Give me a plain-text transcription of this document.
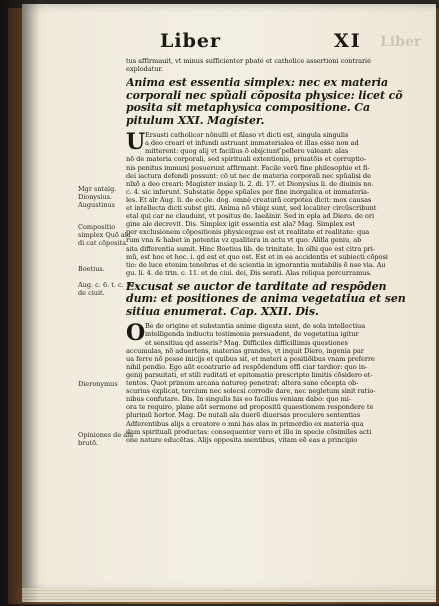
Liber
Liber	XI
Mgr sntaig. Dionysius. Augustinus
Compositio simplex Quõ ala di cat cõposita.
Boetius.
Aug. c. 6. t. c. 10. de ciuit.
Dieronymus
Opiniones de ala brutõ.
tus affirmauit, vt minus sufficienter pbaté et catholice assertioni contrarié
explodatur.
Anima est essentia simplex: nec ex materia
corporali nec spũali cõposita physice: licet cõ
posita sit metaphysica compositione. Ca
pitulum XXI. Magister.
U Ersusti catholicor nõnulli et ñlaso vt dicti est, singula singulis
a deo creari et infundi astruant immaterialea et illas esse non ad
mitterent: quog alij vt facilius õ obijciunt ̄pellere valeant: alas
nõ de materia corporali, sed spirituali extentionis, priuatõis et corruptio-
nis penitus immuni posuerunt affirmant. Facile verũ fine philosophie et fi-
dei iactura defendi possunt: cõ ut nec de materia corporali nec spũalisi de
nĩxõ a deo creari: Magister insiap li. 2. di. 17. et Dionysius li. de diuinis no.
c. 4. sic inferunt. Substatie õppe spũales per fine inorgalica et immateria-
les. Et alr Aug. li. de eccle. dog. omnê creaturã corpotea dicit: mox causas
et intellecta dicti subst giti. Anima nõ vbiqz sunt, sed localiter circũscribunt
etal qui car ne claudunt, vt positus de. Iaeãinir. Sed in epla ad Diero. de ori
gine ale decrevit. Dis. Simplex igit essentia est ala? Mag. Simplex est
per exclusionem cõpositionis physiceqzue est et realitate et realitate: qua
rum vna & habet in potentia vz qualitera in actu vt quo. Alilla geniu, ab
sita differentia sumit. Hinc Boetius lib. de trinitate. In oĩhi que est citra pri-
mũ, est hoc et hoc. i. qd est et quo est. Est et in ea accidentis et subiecti cõposi
tio: de luce etenim tenebras et de scientia in ignorantia mutabilis ẽ nse via. Au
gu. li. 4. de trin. c. 11. et de ciui. dei, Dis serati. Alas reliqua percurramus.
Excusat se auctor de tarditate ad respõden
dum: et positiones de anima vegetatiua et sen
sitiua enumerat. Cap. XXII. Dis.
O Be de origine et substantia anime digesta sunt, de sola intellectiua
intelligenda indiuctu testimonia persuadent, de vegetatiua igitur
et sensitiua qd asseris? Mag. Difficiles difficillimis questiones
accumulas, nõ aduertens, materias grandes, vt inquit Diero, ingenia par
ua ferre nõ posse inicijs et quibus sit, et materi a positiõibus vnam preferre
nihil pendio. Ego aũt ecoatrario ad respõdendum effi ciar tardior: quo in-
genij parsuitati, et stili ruditati et epitomatio prescripto limitis cõsidero et-
tentos. Quot primum arcana natureǫ penetrat: altera sane cõcepta ob-
scurius explicat, tercium nec solecsi corrode dare, nec negletum sinit ratio-
nibus confutare. Dis. In singulis his eo facilius veniam dabo: quo mi-
ora te requiro, plane aũt sermone ad propositũ quaestionem respondere te
plurimũ hortor. Mag. De nutali ala duerẽ diuersas proculere sententias
Adferentibus alijs a creatore o mni has alas in primordio ex materia qua
dam spirituali productas: consequenter vero et illo in specie cõsimiles acti
one nature educẽtas. Alijs opposita mentibus, vitam eẽ eas a principio
